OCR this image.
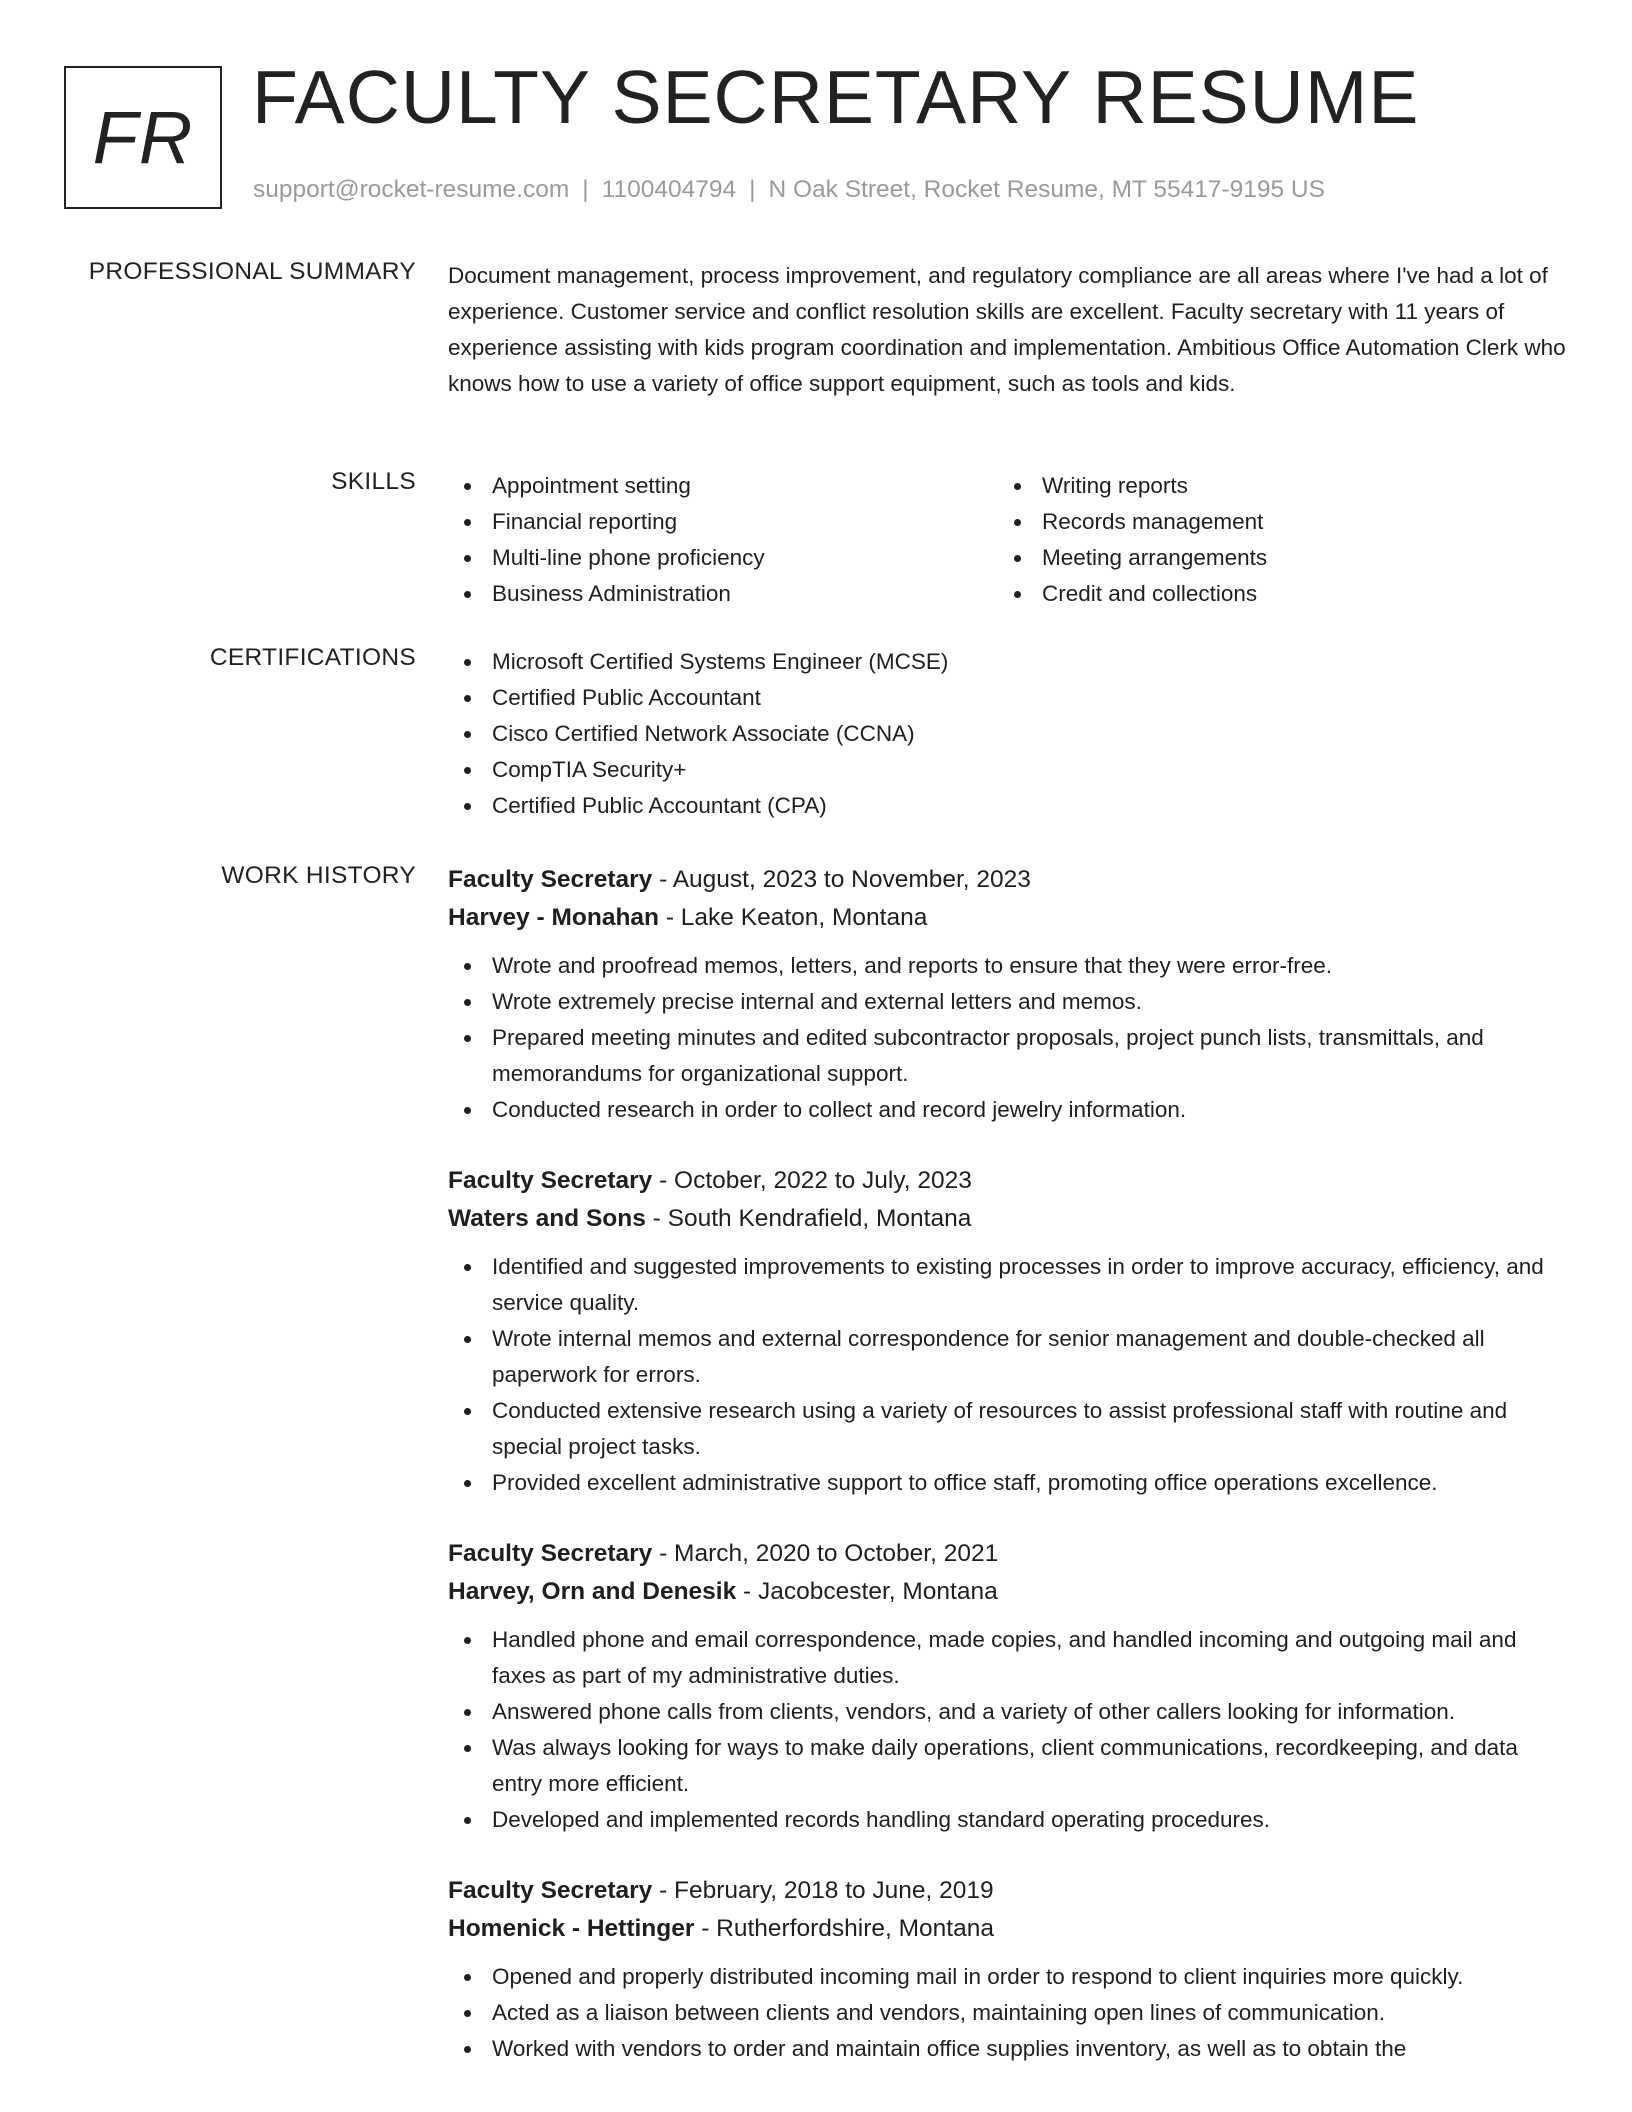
FR FACULTY SECRETARY RESUME
support@rocket-resume.com | 1100404794 | N Oak Street, Rocket Resume, MT 55417-9195 US
PROFESSIONAL SUMMARY Document management, process improvement, and regulatory compliance are all areas where I've had a lot of experience. Customer service and conflict resolution skills are excellent. Faculty secretary with 11 years of experience assisting with kids program coordination and implementation. Ambitious Office Automation Clerk who knows how to use a variety of office support equipment, such as tools and kids.

SKILLS	Appointment setting
Financial reporting
Multi-line phone proficiency
Business Administration
Writing reports
Records management
Meeting arrangements
Credit and collections
CERTIFICATIONS	Microsoft Certified Systems Engineer (MCSE)
Certified Public Accountant
Cisco Certified Network Associate (CCNA)
CompTIA Security+
Certified Public Accountant (CPA)
WORK HISTORY Faculty Secretary - August, 2023 to November, 2023
Harvey - Monahan - Lake Keaton, Montana
Wrote and proofread memos, letters, and reports to ensure that they were error-free.
Wrote extremely precise internal and external letters and memos.
Prepared meeting minutes and edited subcontractor proposals, project punch lists, transmittals, and memorandums for organizational support.
Conducted research in order to collect and record jewelry information.
Faculty Secretary - October, 2022 to July, 2023
Waters and Sons - South Kendrafield, Montana
Identified and suggested improvements to existing processes in order to improve accuracy, efficiency, and service quality.
Wrote internal memos and external correspondence for senior management and double-checked all paperwork for errors.
Conducted extensive research using a variety of resources to assist professional staff with routine and special project tasks.
Provided excellent administrative support to office staff, promoting office operations excellence.
Faculty Secretary - March, 2020 to October, 2021
Harvey, Orn and Denesik - Jacobcester, Montana
Handled phone and email correspondence, made copies, and handled incoming and outgoing mail and faxes as part of my administrative duties.
Answered phone calls from clients, vendors, and a variety of other callers looking for information.
Was always looking for ways to make daily operations, client communications, recordkeeping, and data entry more efficient.
Developed and implemented records handling standard operating procedures.
Faculty Secretary - February, 2018 to June, 2019
Homenick - Hettinger - Rutherfordshire, Montana
Opened and properly distributed incoming mail in order to respond to client inquiries more quickly.
Acted as a liaison between clients and vendors, maintaining open lines of communication.
Worked with vendors to order and maintain office supplies inventory, as well as to obtain the
